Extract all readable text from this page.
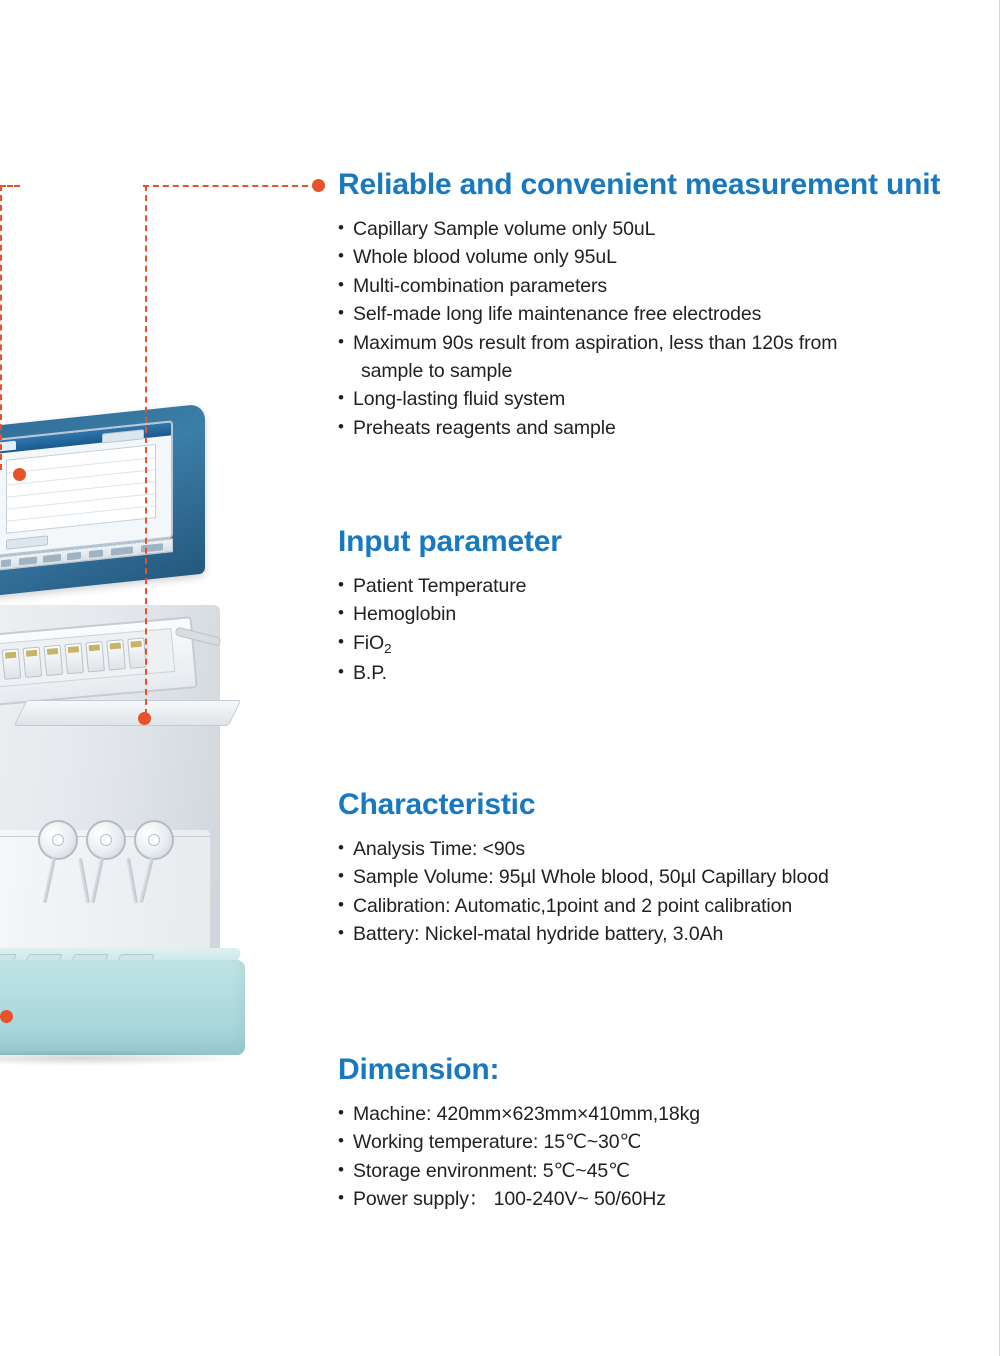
Reliable and convenient measurement unit
• Capillary Sample volume only 50uL
• Whole blood volume only 95uL
• Multi-combination parameters
• Self-made long life maintenance free electrodes
• Maximum 90s result from aspiration, less than 120s from
sample to sample
• Long-lasting fluid system
• Preheats reagents and sample
Input parameter
• Patient Temperature
• Hemoglobin
• FiO$_2$
• B.P.
Characteristic
• Analysis Time: <90s
• Sample Volume: 95µl Whole blood, 50µl Capillary blood
• Calibration: Automatic,1point and 2 point calibration
• Battery: Nickel-matal hydride battery, 3.0Ah
Dimension:
• Machine: 420mm×623mm×410mm,18kg
• Working temperature: 15℃~30℃
• Storage environment: 5℃~45℃
• Power supply： 100-240V~ 50/60Hz
